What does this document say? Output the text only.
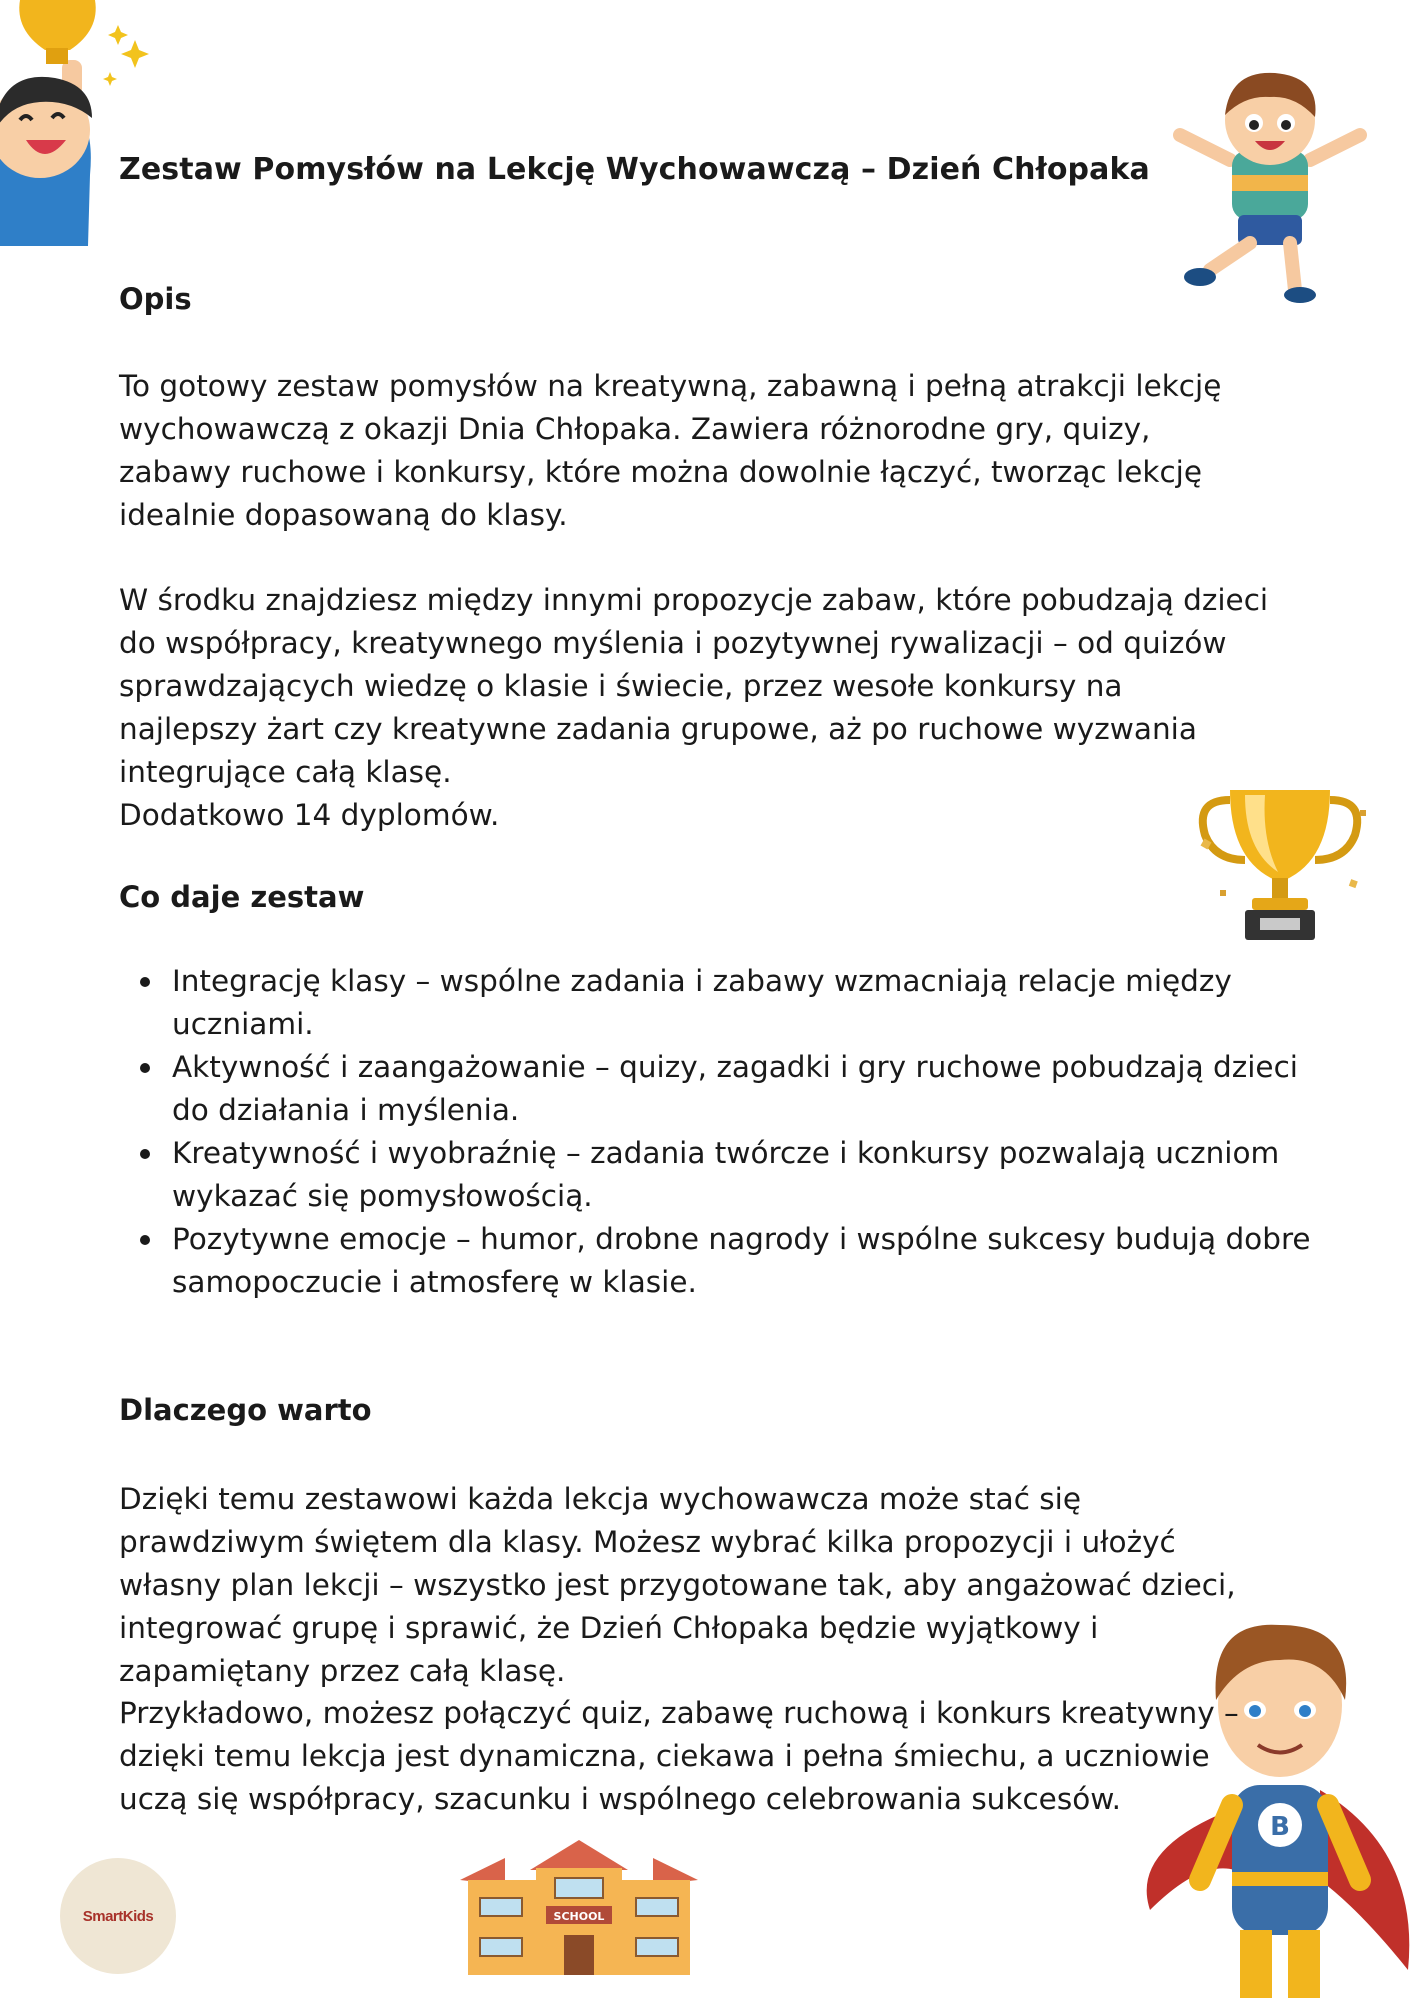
B
SCHOOL
SmartKids
Zestaw Pomysłów na Lekcję Wychowawczą – Dzień Chłopaka
Opis

To gotowy zestaw pomysłów na kreatywną, zabawną i pełną atrakcji lekcję wychowawczą z okazji Dnia Chłopaka. Zawiera różnorodne gry, quizy, zabawy ruchowe i konkursy, które można dowolnie łączyć, tworząc lekcję idealnie dopasowaną do klasy.

W środku znajdziesz między innymi propozycje zabaw, które pobudzają dzieci do współpracy, kreatywnego myślenia i pozytywnej rywalizacji – od quizów sprawdzających wiedzę o klasie i świecie, przez wesołe konkursy na najlepszy żart czy kreatywne zadania grupowe, aż po ruchowe wyzwania integrujące całą klasę.

Dodatkowo 14 dyplomów.

Co daje zestaw
Integrację klasy – wspólne zadania i zabawy wzmacniają relacje między uczniami.
Aktywność i zaangażowanie – quizy, zagadki i gry ruchowe pobudzają dzieci do działania i myślenia.
Kreatywność i wyobraźnię – zadania twórcze i konkursy pozwalają uczniom wykazać się pomysłowością.
Pozytywne emocje – humor, drobne nagrody i wspólne sukcesy budują dobre samopoczucie i atmosferę w klasie.
Dlaczego warto

Dzięki temu zestawowi każda lekcja wychowawcza może stać się prawdziwym świętem dla klasy. Możesz wybrać kilka propozycji i ułożyć własny plan lekcji – wszystko jest przygotowane tak, aby angażować dzieci, integrować grupę i sprawić, że Dzień Chłopaka będzie wyjątkowy i zapamiętany przez całą klasę.

Przykładowo, możesz połączyć quiz, zabawę ruchową i konkurs kreatywny – dzięki temu lekcja jest dynamiczna, ciekawa i pełna śmiechu, a uczniowie uczą się współpracy, szacunku i wspólnego celebrowania sukcesów.
